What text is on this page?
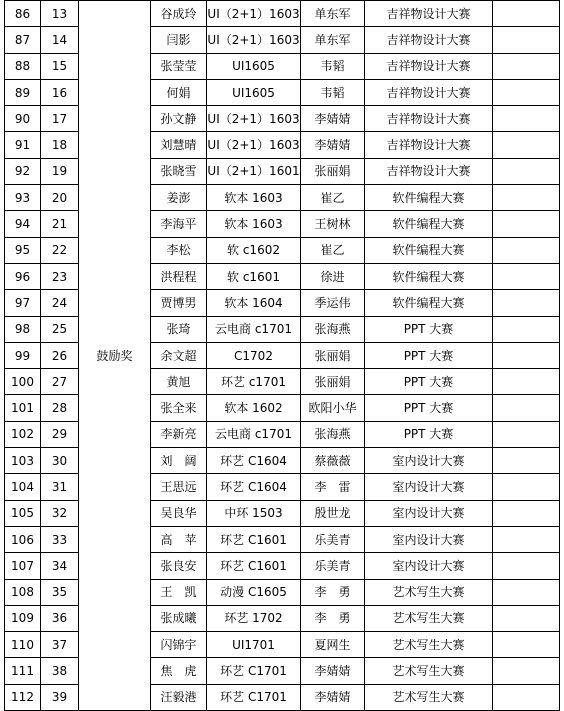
86	13	鼓励奖	谷成玲	UI（2+1）1603	单东军	吉祥物设计大赛	
87	14		闫影	UI（2+1）1603	单东军	吉祥物设计大赛	
88	15		张莹莹	UI1605	韦韬	吉祥物设计大赛	
89	16		何娟	UI1605	韦韬	吉祥物设计大赛	
90	17		孙文静	UI（2+1）1603	李婧婧	吉祥物设计大赛	
91	18		刘慧晴	UI（2+1）1603	李婧婧	吉祥物设计大赛	
92	19		张晓雪	UI（2+1）1601	张丽娟	吉祥物设计大赛	
93	20		姜澎	软本 1603	崔乙	软件编程大赛	
94	21		李海平	软本 1603	王树林	软件编程大赛	
95	22		李松	软 c1602	崔乙	软件编程大赛	
96	23		洪程程	软 c1601	徐进	软件编程大赛	
97	24		贾博男	软本 1604	季运伟	软件编程大赛	
98	25		张琦	云电商 c1701	张海燕	PPT 大赛	
99	26		余文超	C1702	张丽娟	PPT 大赛	
100	27		黄旭	环艺 c1701	张丽娟	PPT 大赛	
101	28		张全来	软本 1602	欧阳小华	PPT 大赛	
102	29		李新亮	云电商 c1701	张海燕	PPT 大赛	
103	30		刘　阔	环艺 C1604	蔡薇薇	室内设计大赛	
104	31		王思远	环艺 C1604	李　雷	室内设计大赛	
105	32		吴良华	中环 1503	殷世龙	室内设计大赛	
106	33		高　苹	环艺 C1601	乐美青	室内设计大赛	
107	34		张良安	环艺 C1601	乐美青	室内设计大赛	
108	35		王　凯	动漫 C1605	李　勇	艺术写生大赛	
109	36		张成曦	环艺 1702	李　勇	艺术写生大赛	
110	37		闪锦宇	UI1701	夏网生	艺术写生大赛	
111	38		焦　虎	环艺 C1701	李婧婧	艺术写生大赛	
112	39		汪毅港	环艺 C1701	李婧婧	艺术写生大赛	
